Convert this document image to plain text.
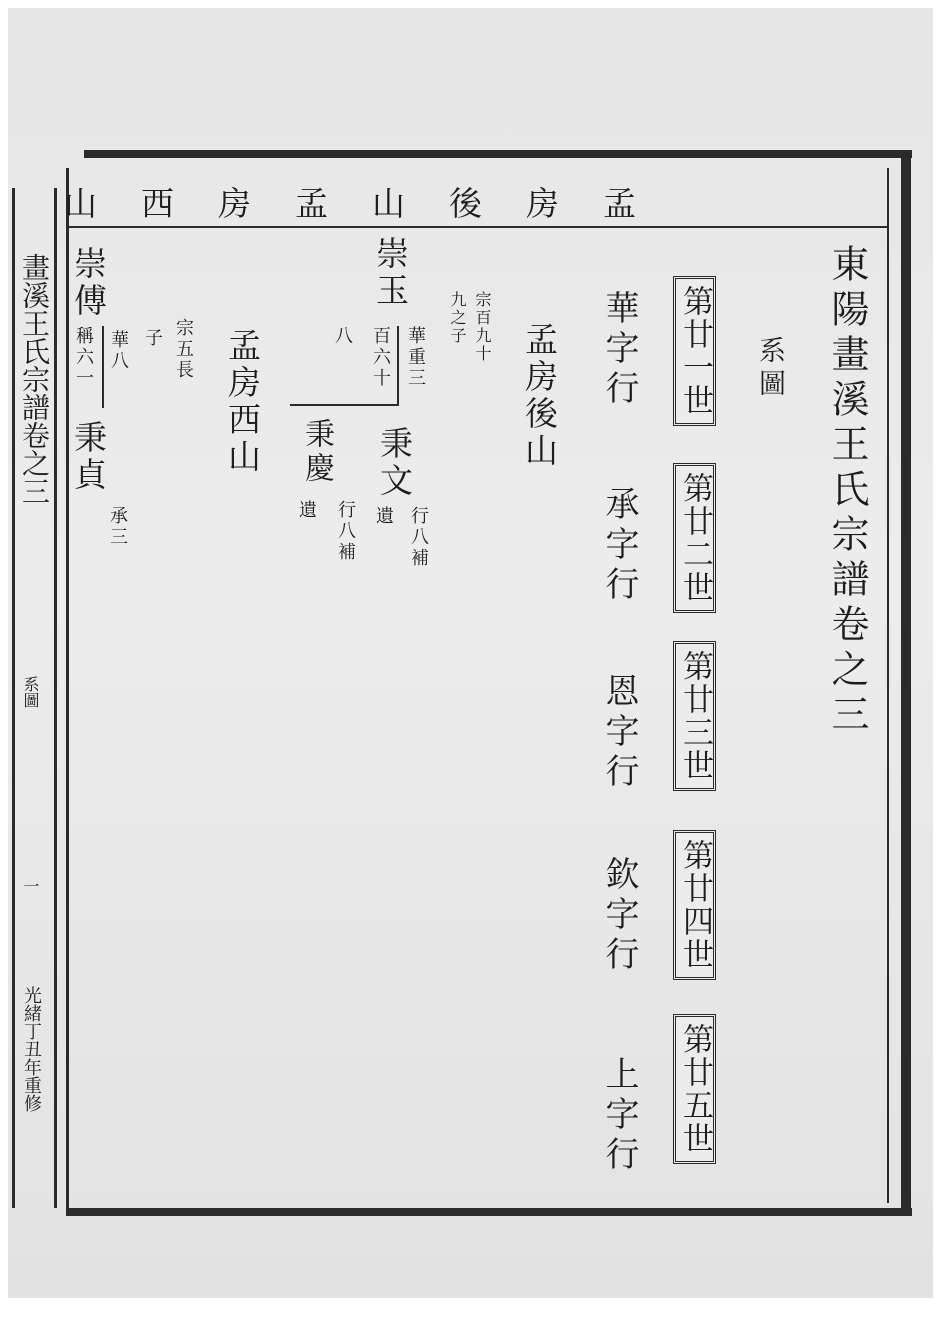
畫溪王氏宗譜卷之三
系圖
一
光緒丁丑年重修
孟房後山孟房西山
東陽畫溪王氏宗譜卷之三
系圖
第廿一世
華字行
第廿二世
承字行
第廿三世
恩字行
第廿四世
欽字行
第廿五世
上字行
孟房後山
宗百九十
九之子
崇玉
華重三
百六十
八
秉文
行八補
遺
秉慶
行八補
遺
孟房西山
宗五長
子
崇傅
華八
稱六一
秉貞
承三
